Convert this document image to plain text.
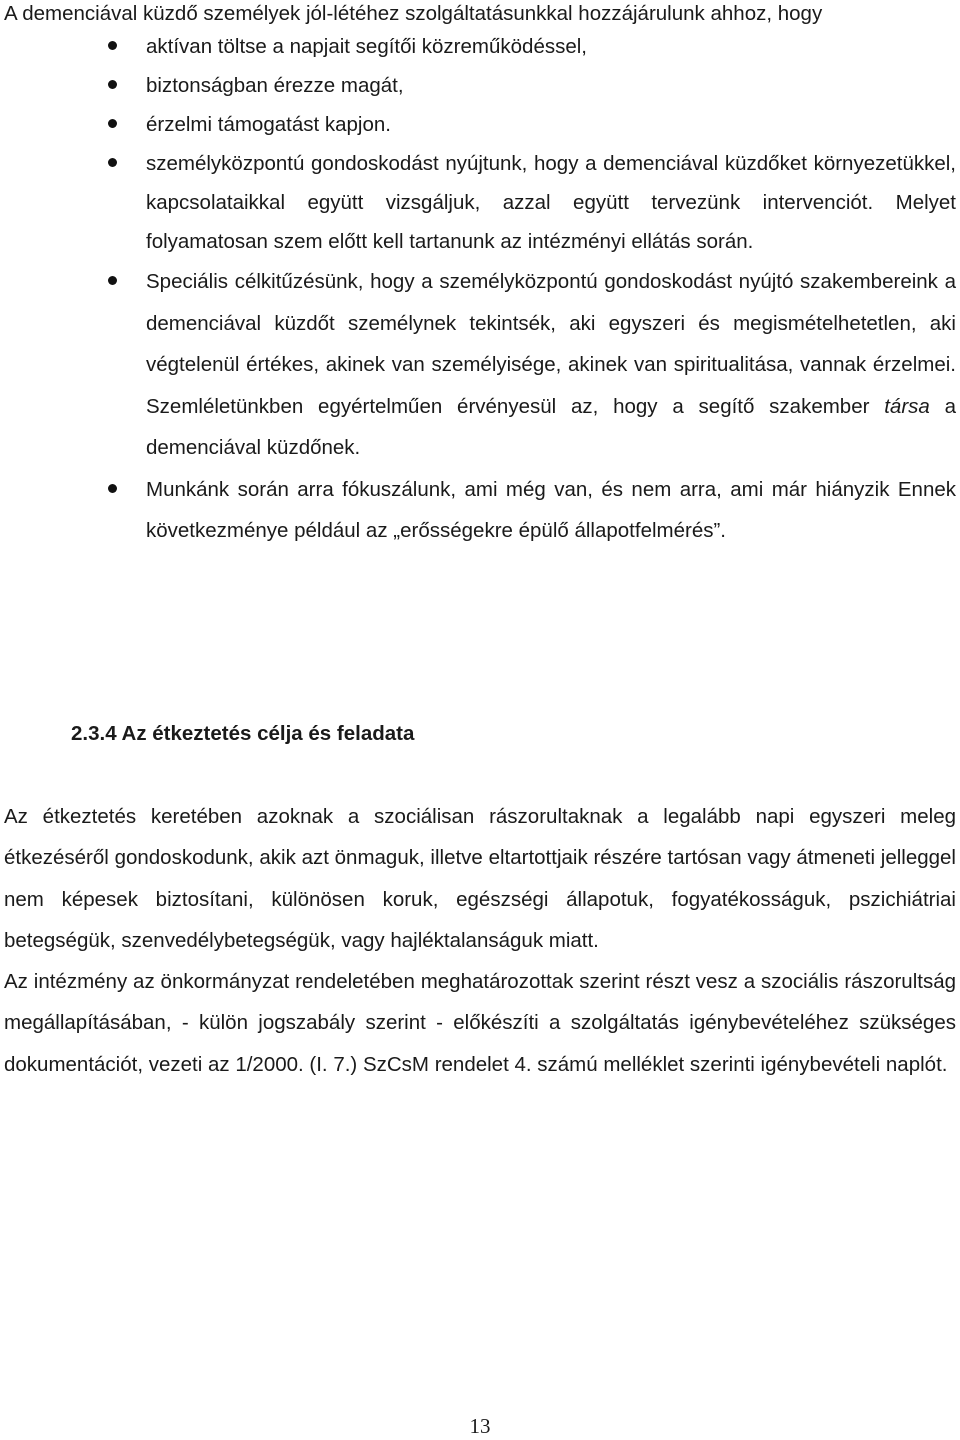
A demenciával küzdő személyek jól-létéhez szolgáltatásunkkal hozzájárulunk ahhoz, hogy

aktívan töltse a napjait segítői közreműködéssel,
biztonságban érezze magát,
érzelmi támogatást kapjon.
személyközpontú gondoskodást nyújtunk, hogy a demenciával küzdőket környezetükkel, kapcsolataikkal együtt vizsgáljuk, azzal együtt tervezünk intervenciót. Melyet folyamatosan szem előtt kell tartanunk az intézményi ellátás során.
Speciális célkitűzésünk, hogy a személyközpontú gondoskodást nyújtó szakembereink a demenciával küzdőt személynek tekintsék, aki egyszeri és megismételhetetlen, aki végtelenül értékes, akinek van személyisége, akinek van spiritualitása, vannak érzelmei. Szemléletünkben egyértelműen érvényesül az, hogy a segítő szakember társa a demenciával küzdőnek.
Munkánk során arra fókuszálunk, ami még van, és nem arra, ami már hiányzik Ennek következménye például az „erősségekre épülő állapotfelmérés”.
2.3.4 Az étkeztetés célja és feladata

Az étkeztetés keretében azoknak a szociálisan rászorultaknak a legalább napi egyszeri meleg étkezéséről gondoskodunk, akik azt önmaguk, illetve eltartottjaik részére tartósan vagy átmeneti jelleggel nem képesek biztosítani, különösen koruk, egészségi állapotuk, fogyatékosságuk, pszichiátriai betegségük, szenvedélybetegségük, vagy hajléktalanságuk miatt.

Az intézmény az önkormányzat rendeletében meghatározottak szerint részt vesz a szociális rászorultság megállapításában, - külön jogszabály szerint - előkészíti a szolgáltatás igénybevételéhez szükséges dokumentációt, vezeti az 1/2000. (I. 7.) SzCsM rendelet 4. számú melléklet szerinti igénybevételi naplót.

13
